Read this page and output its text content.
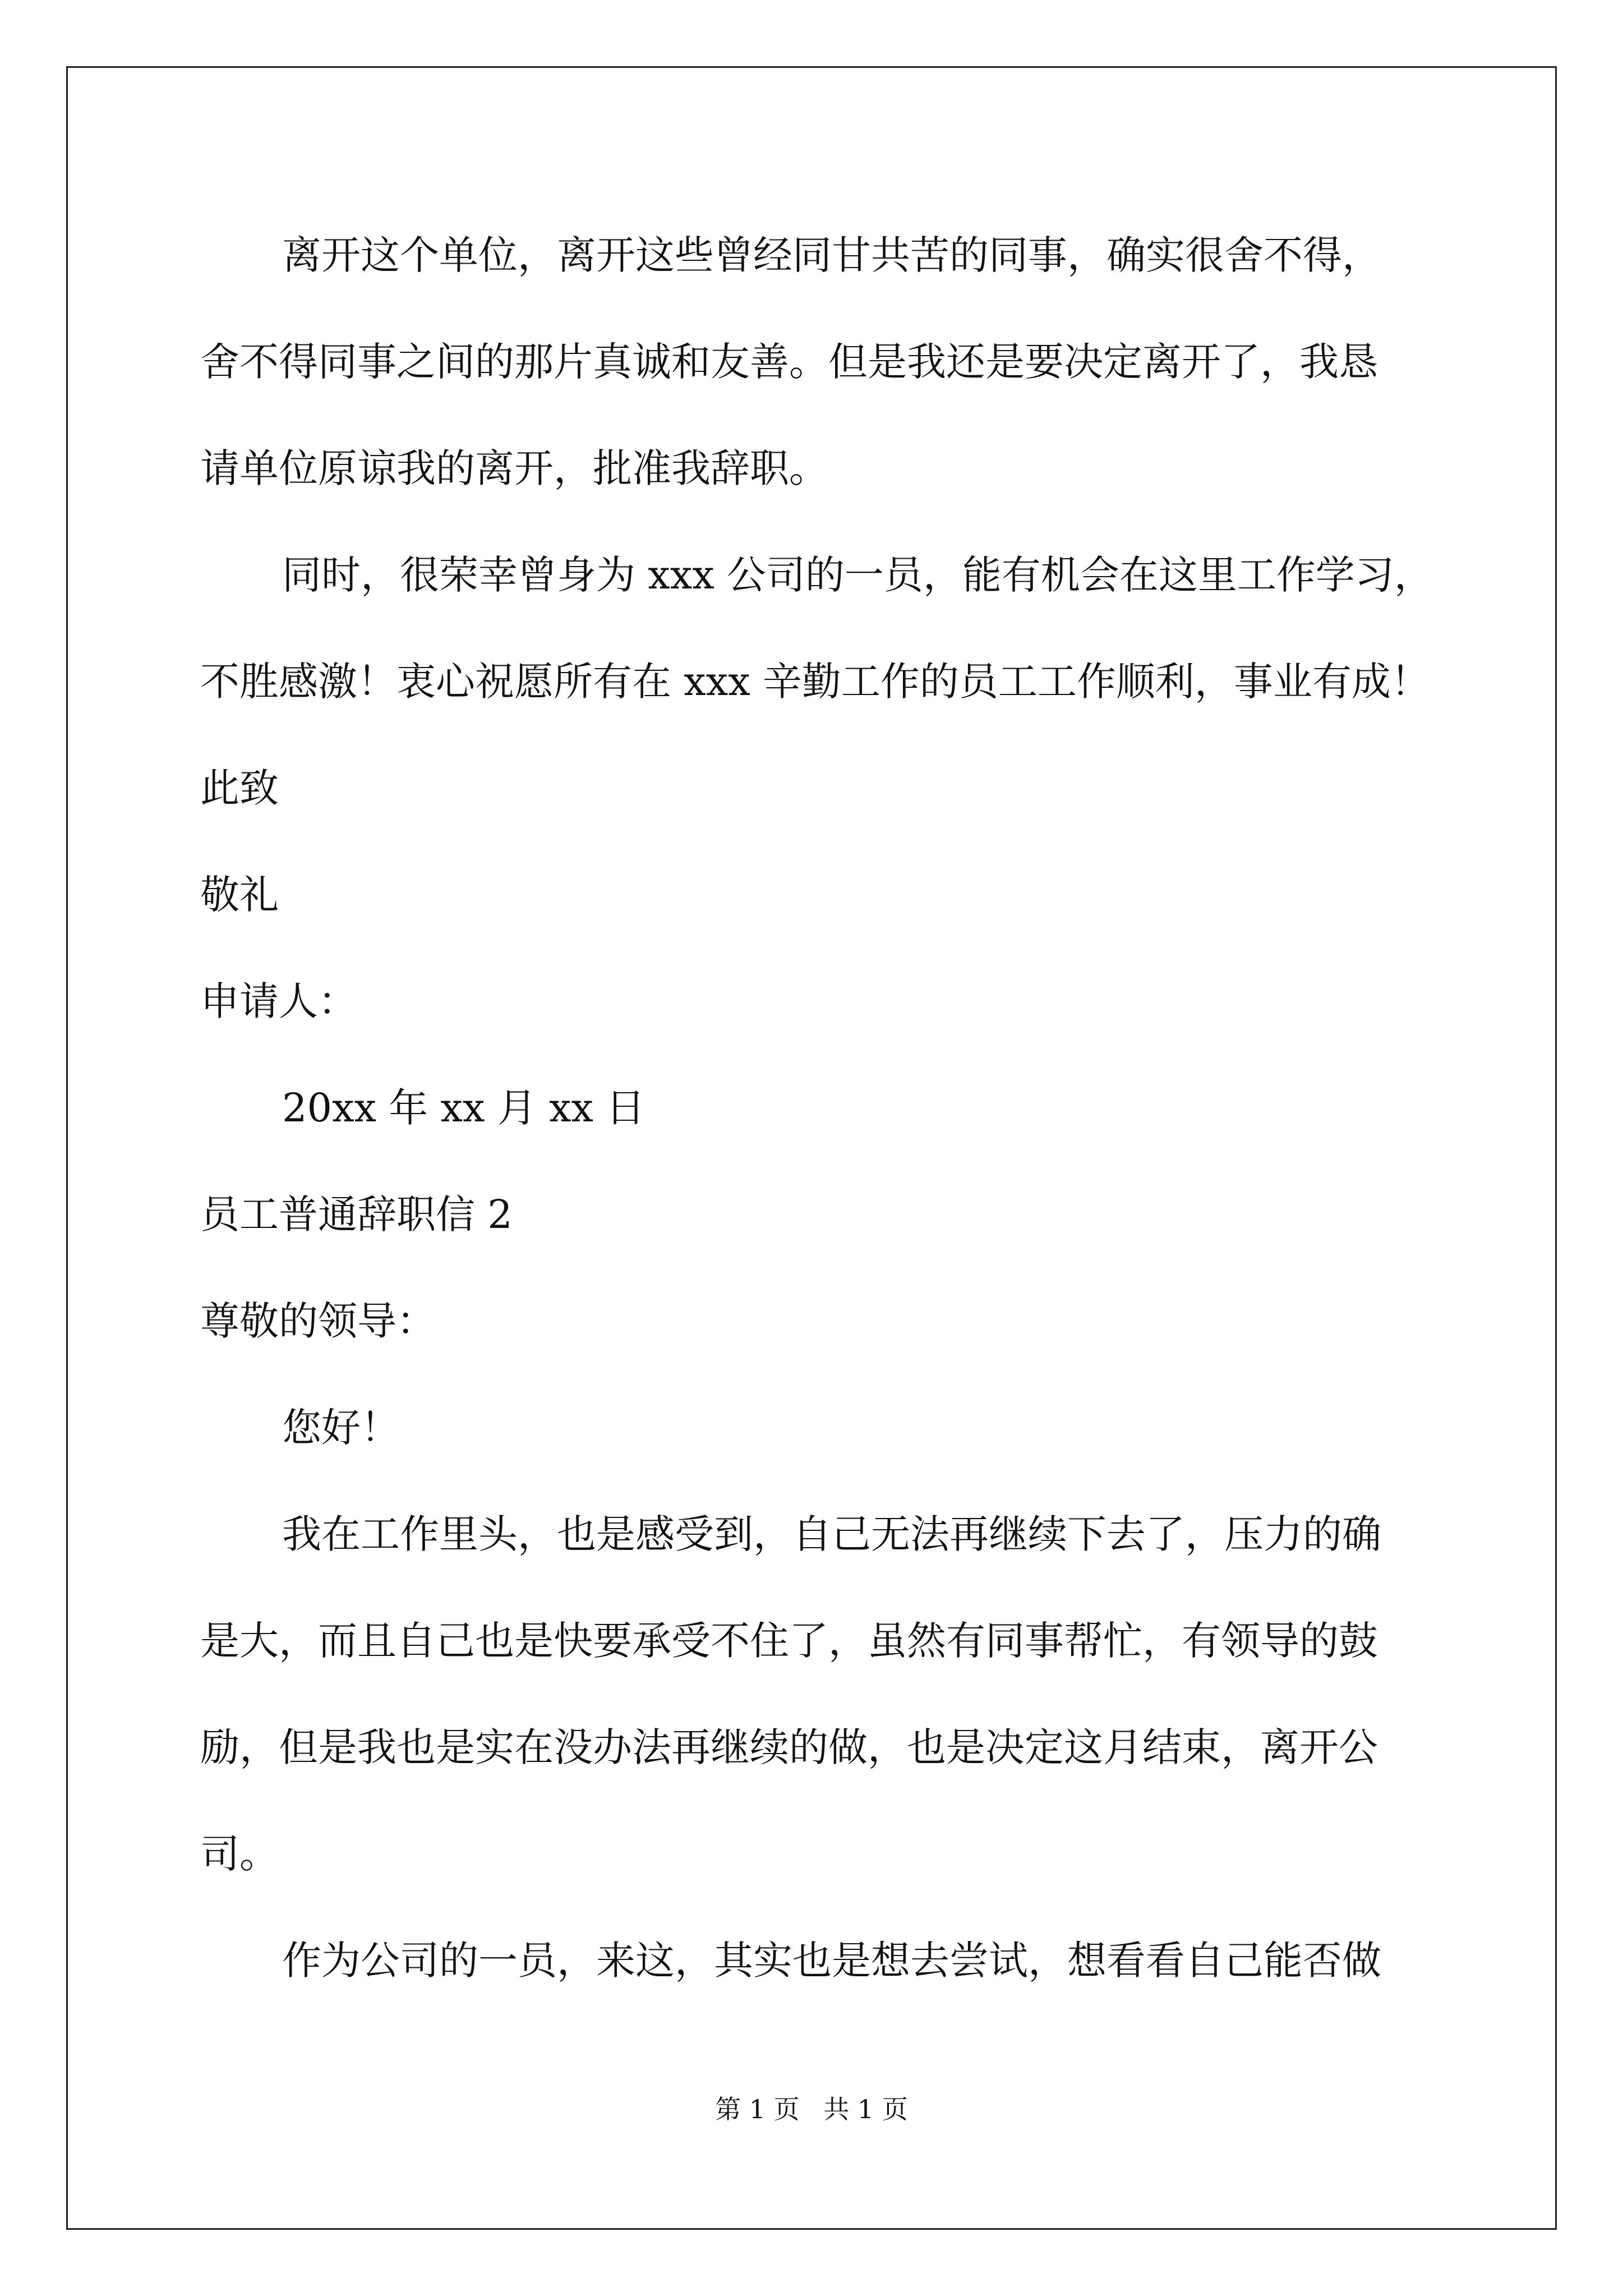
离开这个单位，离开这些曾经同甘共苦的同事，确实很舍不得，
舍不得同事之间的那片真诚和友善。但是我还是要决定离开了，我恳
请单位原谅我的离开，批准我辞职。
同时，很荣幸曾身为 xxx 公司的一员，能有机会在这里工作学习，
不胜感激！衷心祝愿所有在 xxx 辛勤工作的员工工作顺利，事业有成！
此致
敬礼
申请人：
20xx 年 xx 月 xx 日
员工普通辞职信 2
尊敬的领导：
您好！
我在工作里头，也是感受到，自己无法再继续下去了，压力的确
是大，而且自己也是快要承受不住了，虽然有同事帮忙，有领导的鼓
励，但是我也是实在没办法再继续的做，也是决定这月结束，离开公
司。
作为公司的一员，来这，其实也是想去尝试，想看看自己能否做
第 1 页 共 1 页
